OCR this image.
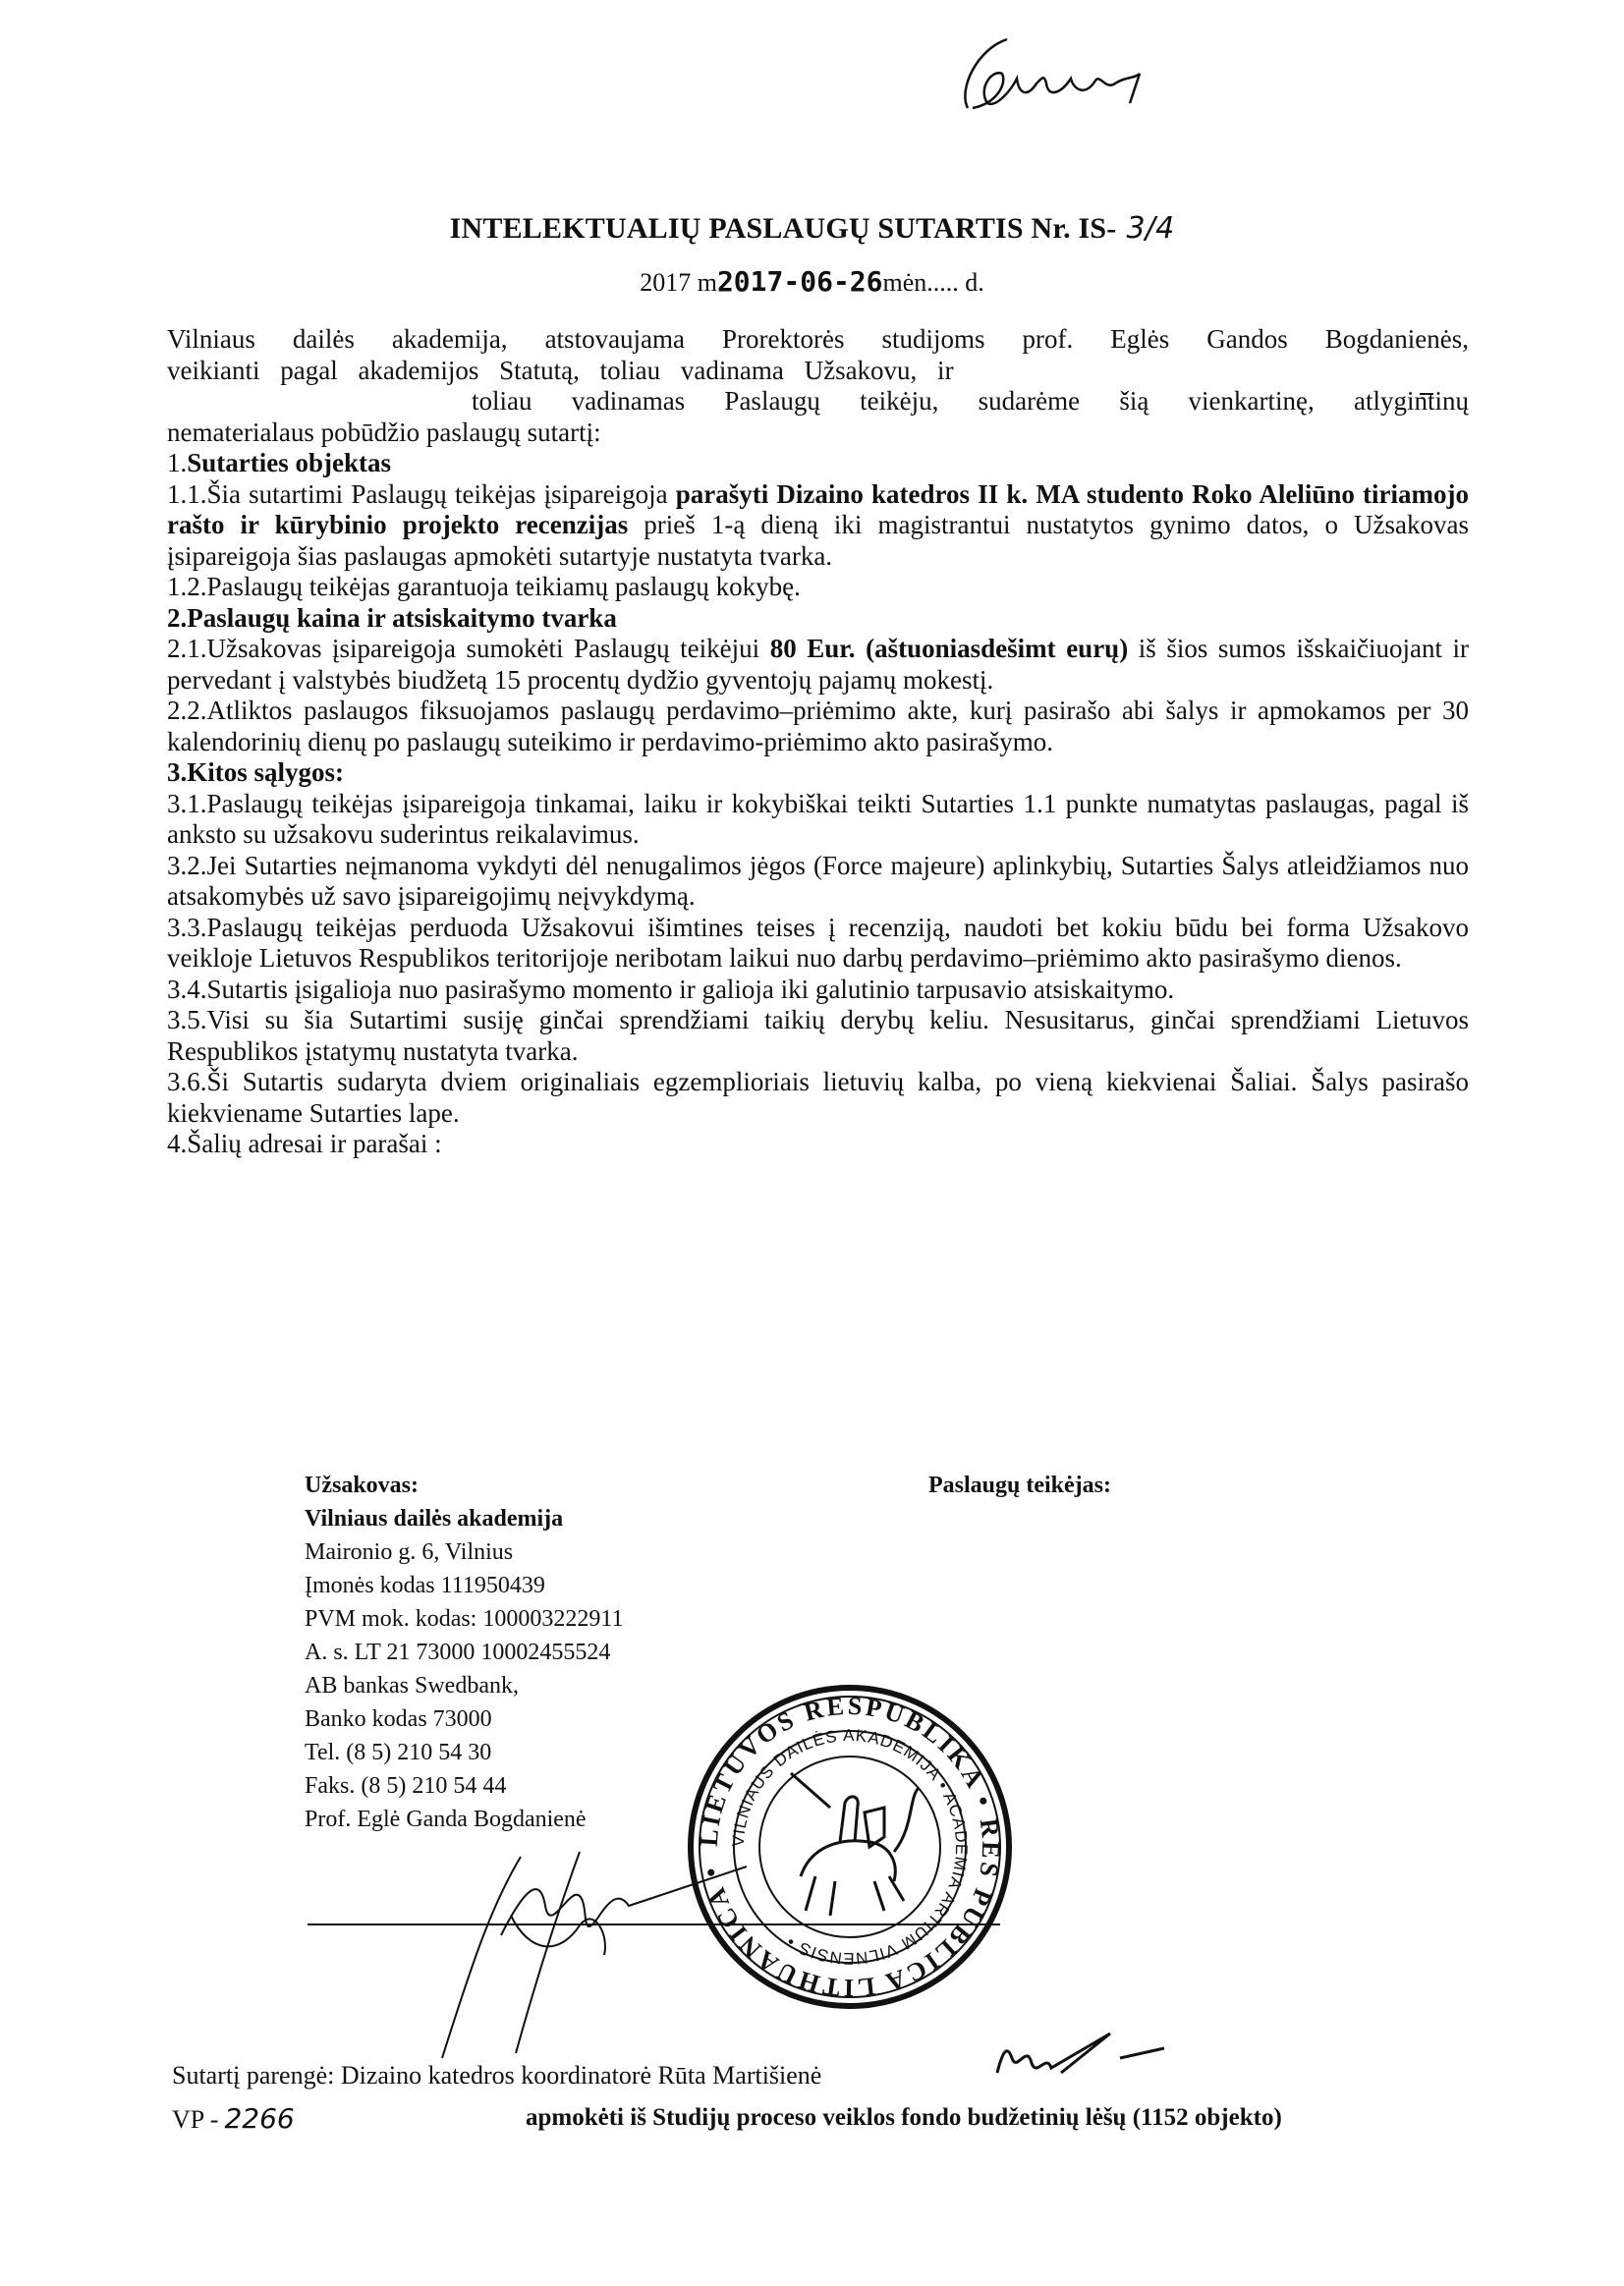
INTELEKTUALIŲ PASLAUGŲ SUTARTIS Nr. IS- 3/4
2017 m2017-06-26mėn..... d.

Vilniaus dailės akademija, atstovaujama Prorektorės studijoms prof. Eglės Gandos Bogdanienės,

veikianti pagal akademijos Statutą, toliau vadinama Užsakovu, ir

toliau vadinamas Paslaugų teikėju, sudarėme šią vienkartinę, atlygintinų

nematerialaus pobūdžio paslaugų sutartį:

1.Sutarties objektas

1.1.Šia sutartimi Paslaugų teikėjas įsipareigoja parašyti Dizaino katedros II k. MA studento Roko Aleliūno tiriamojo rašto ir kūrybinio projekto recenzijas prieš 1-ą dieną iki magistrantui nustatytos gynimo datos, o Užsakovas įsipareigoja šias paslaugas apmokėti sutartyje nustatyta tvarka.

1.2.Paslaugų teikėjas garantuoja teikiamų paslaugų kokybę.

2.Paslaugų kaina ir atsiskaitymo tvarka

2.1.Užsakovas įsipareigoja sumokėti Paslaugų teikėjui 80 Eur. (aštuoniasdešimt eurų) iš šios sumos išskaičiuojant ir pervedant į valstybės biudžetą 15 procentų dydžio gyventojų pajamų mokestį.

2.2.Atliktos paslaugos fiksuojamos paslaugų perdavimo–priėmimo akte, kurį pasirašo abi šalys ir apmokamos per 30 kalendorinių dienų po paslaugų suteikimo ir perdavimo-priėmimo akto pasirašymo.

3.Kitos sąlygos:

3.1.Paslaugų teikėjas įsipareigoja tinkamai, laiku ir kokybiškai teikti Sutarties 1.1 punkte numatytas paslaugas, pagal iš anksto su užsakovu suderintus reikalavimus.

3.2.Jei Sutarties neįmanoma vykdyti dėl nenugalimos jėgos (Force majeure) aplinkybių, Sutarties Šalys atleidžiamos nuo atsakomybės už savo įsipareigojimų neįvykdymą.

3.3.Paslaugų teikėjas perduoda Užsakovui išimtines teises į recenziją, naudoti bet kokiu būdu bei forma Užsakovo veikloje Lietuvos Respublikos teritorijoje neribotam laikui nuo darbų perdavimo–priėmimo akto pasirašymo dienos.

3.4.Sutartis įsigalioja nuo pasirašymo momento ir galioja iki galutinio tarpusavio atsiskaitymo.

3.5.Visi su šia Sutartimi susiję ginčai sprendžiami taikių derybų keliu. Nesusitarus, ginčai sprendžiami Lietuvos Respublikos įstatymų nustatyta tvarka.

3.6.Ši Sutartis sudaryta dviem originaliais egzemplioriais lietuvių kalba, po vieną kiekvienai Šaliai. Šalys pasirašo kiekviename Sutarties lape.

4.Šalių adresai ir parašai :

Užsakovas:
Vilniaus dailės akademija
Maironio g. 6, Vilnius
Įmonės kodas 111950439
PVM mok. kodas: 100003222911
A. s. LT 21 73000 10002455524
AB bankas Swedbank,
Banko kodas 73000
Tel. (8 5) 210 54 30
Faks. (8 5) 210 54 44
Prof. Eglė Ganda Bogdanienė
Paslaugų teikėjas:
LIETUVOS RESPUBLIKA • RES PUBLICA LITHUANICA •
VILNIAUS DAILĖS AKADEMIJA • ACADEMIA ARTIUM VILNENSIS •
Sutartį parengė: Dizaino katedros koordinatorė Rūta Martišienė
VP - 2266	apmokėti iš Studijų proceso veiklos fondo budžetinių lėšų (1152 objekto)
